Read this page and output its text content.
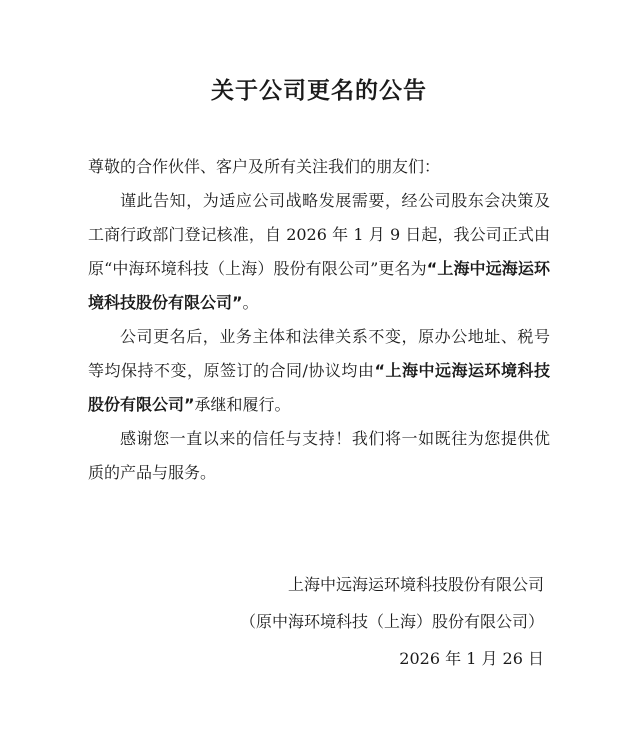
关于公司更名的公告

尊敬的合作伙伴、客户及所有关注我们的朋友们：

谨此告知，为适应公司战略发展需要，经公司股东会决策及工商行政部门登记核准，自 2026 年 1 月 9 日起，我公司正式由原“中海环境科技（上海）股份有限公司”更名为“上海中远海运环境科技股份有限公司”。

公司更名后，业务主体和法律关系不变，原办公地址、税号等均保持不变，原签订的合同/协议均由“上海中远海运环境科技股份有限公司”承继和履行。

感谢您一直以来的信任与支持！我们将一如既往为您提供优质的产品与服务。

上海中远海运环境科技股份有限公司
（原中海环境科技（上海）股份有限公司）
2026 年 1 月 26 日
